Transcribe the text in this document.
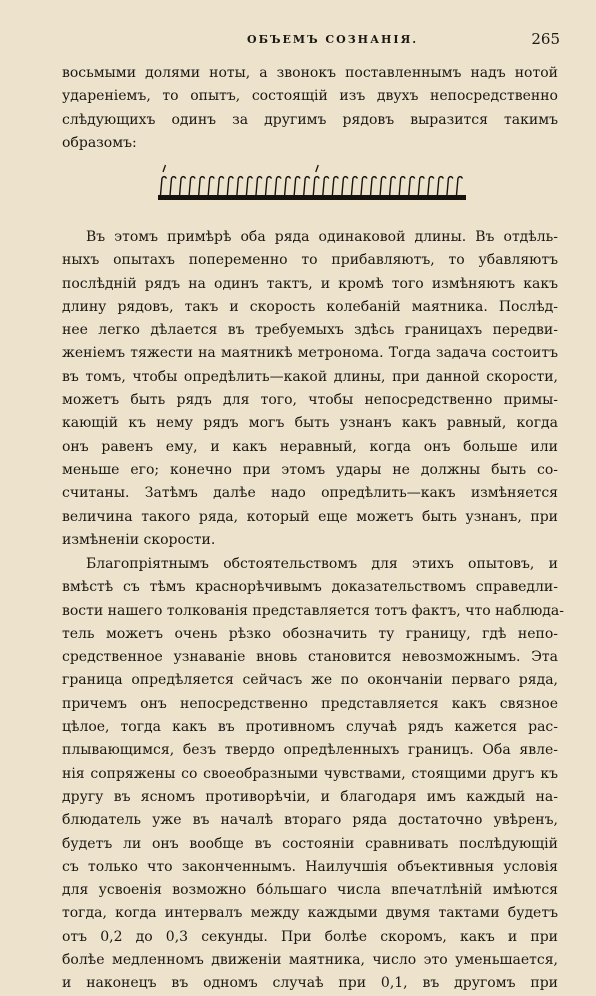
ОБЪЕМЪ СОЗНАНІЯ.	265
восьмыми долями ноты, а звонокъ поставленнымъ надъ нотой
удареніемъ, то опытъ, состоящій изъ двухъ непосредственно
слѣдующихъ одинъ за другимъ рядовъ выразится такимъ
образомъ:
Въ этомъ примѣрѣ оба ряда одинаковой длины. Въ отдѣль-
ныхъ опытахъ попеременно то прибавляютъ, то убавляютъ
послѣдній рядъ на одинъ тактъ, и кромѣ того измѣняютъ какъ
длину рядовъ, такъ и скорость колебаній маятника. Послѣд-
нее легко дѣлается въ требуемыхъ здѣсь границахъ передви-
женіемъ тяжести на маятникѣ метронома. Тогда задача состоитъ
въ томъ, чтобы опредѣлить—какой длины, при данной скорости,
можетъ быть рядъ для того, чтобы непосредственно примы-
кающій къ нему рядъ могъ быть узнанъ какъ равный, когда
онъ равенъ ему, и какъ неравный, когда онъ больше или
меньше его; конечно при этомъ удары не должны быть со-
считаны. Затѣмъ далѣе надо опредѣлить—какъ измѣняется
величина такого ряда, который еще можетъ быть узнанъ, при
измѣненіи скорости.
Благопріятнымъ обстоятельствомъ для этихъ опытовъ, и
вмѣстѣ съ тѣмъ краснорѣчивымъ доказательствомъ справедли-
вости нашего толкованія представляется тотъ фактъ, что наблюда-
тель можетъ очень рѣзко обозначить ту границу, гдѣ непо-
средственное узнаваніе вновь становится невозможнымъ. Эта
граница опредѣляется сейчасъ же по окончаніи перваго ряда,
причемъ онъ непосредственно представляется какъ связное
цѣлое, тогда какъ въ противномъ случаѣ рядъ кажется рас-
плывающимся, безъ твердо опредѣленныхъ границъ. Оба явле-
нія сопряжены со своеобразными чувствами, стоящими другъ къ
другу въ ясномъ противорѣчіи, и благодаря имъ каждый на-
блюдатель уже въ началѣ втораго ряда достаточно увѣренъ,
будетъ ли онъ вообще въ состояніи сравнивать послѣдующій
съ только что законченнымъ. Наилучшія объективныя условія
для усвоенія возможно бо́льшаго числа впечатлѣній имѣются
тогда, когда интервалъ между каждыми двумя тактами будетъ
отъ 0,2 до 0,3 секунды. При болѣе скоромъ, какъ и при
болѣе медленномъ движеніи маятника, число это уменьшается,
и наконецъ въ одномъ случаѣ при 0,1, въ другомъ при
